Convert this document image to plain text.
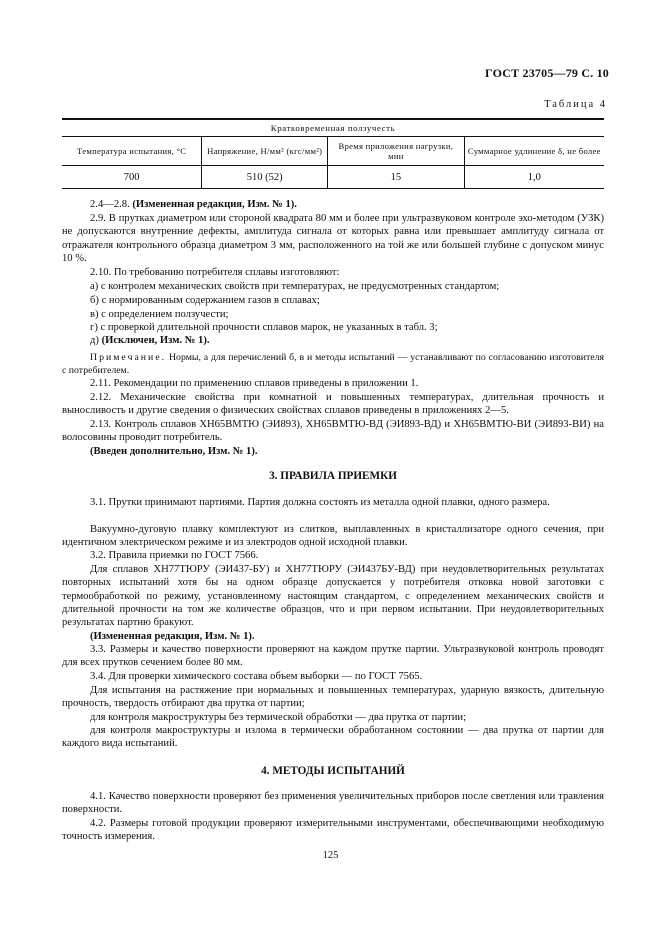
ГОСТ 23705—79 С. 10
Таблица 4
Кратковременная ползучесть			
Температура испытания, °С	Напряжение, Н/мм² (кгс/мм²)	Время приложения нагрузки, мин	Суммарное удлинение δ, не более
700	510 (52)	15	1,0
2.4—2.8. (Измененная редакция, Изм. № 1).
2.9. В прутках диаметром или стороной квадрата 80 мм и более при ультразвуковом контроле эхо-методом (УЗК) не допускаются внутренние дефекты, амплитуда сигнала от которых равна или превышает амплитуду сигнала от отражателя контрольного образца диаметром 3 мм, расположенного на той же или большей глубине с допуском минус 10 %.
2.10. По требованию потребителя сплавы изготовляют:
а) с контролем механических свойств при температурах, не предусмотренных стандартом;
б) с нормированным содержанием газов в сплавах;
в) с определением ползучести;
г) с проверкой длительной прочности сплавов марок, не указанных в табл. 3;
д) (Исключен, Изм. № 1).
Примечание. Нормы, а для перечислений б, в и методы испытаний — устанавливают по согласованию изготовителя с потребителем.
2.11. Рекомендации по применению сплавов приведены в приложении 1.
2.12. Механические свойства при комнатной и повышенных температурах, длительная прочность и выносливость и другие сведения о физических свойствах сплавов приведены в приложениях 2—5.
2.13. Контроль сплавов ХН65ВМТЮ (ЭИ893), ХН65ВМТЮ-ВД (ЭИ893-ВД) и ХН65ВМТЮ-ВИ (ЭИ893-ВИ) на волосовины проводит потребитель.
(Введен дополнительно, Изм. № 1).
3. ПРАВИЛА ПРИЕМКИ
3.1. Прутки принимают партиями. Партия должна состоять из металла одной плавки, одного размера.
Вакуумно-дуговую плавку комплектуют из слитков, выплавленных в кристаллизаторе одного сечения, при идентичном электрическом режиме и из электродов одной исходной плавки.
3.2. Правила приемки по ГОСТ 7566.
Для сплавов ХН77ТЮРУ (ЭИ437-БУ) и ХН77ТЮРУ (ЭИ437БУ-ВД) при неудовлетворительных результатах повторных испытаний хотя бы на одном образце допускается у потребителя отковка новой заготовки с термообработкой по режиму, установленному настоящим стандартом, с определением механических свойств и длительной прочности на том же количестве образцов, что и при первом испытании. При неудовлетворительных результатах партию бракуют.
(Измененная редакция, Изм. № 1).
3.3. Размеры и качество поверхности проверяют на каждом прутке партии. Ультразвуковой контроль проводят для всех прутков сечением более 80 мм.
3.4. Для проверки химического состава объем выборки — по ГОСТ 7565.
Для испытания на растяжение при нормальных и повышенных температурах, ударную вязкость, длительную прочность, твердость отбирают два прутка от партии;
для контроля макроструктуры без термической обработки — два прутка от партии;
для контроля макроструктуры и излома в термически обработанном состоянии — два прутка от партии для каждого вида испытаний.
4. МЕТОДЫ ИСПЫТАНИЙ
4.1. Качество поверхности проверяют без применения увеличительных приборов после светления или травления поверхности.
4.2. Размеры готовой продукции проверяют измерительными инструментами, обеспечивающими необходимую точность измерения.
125
